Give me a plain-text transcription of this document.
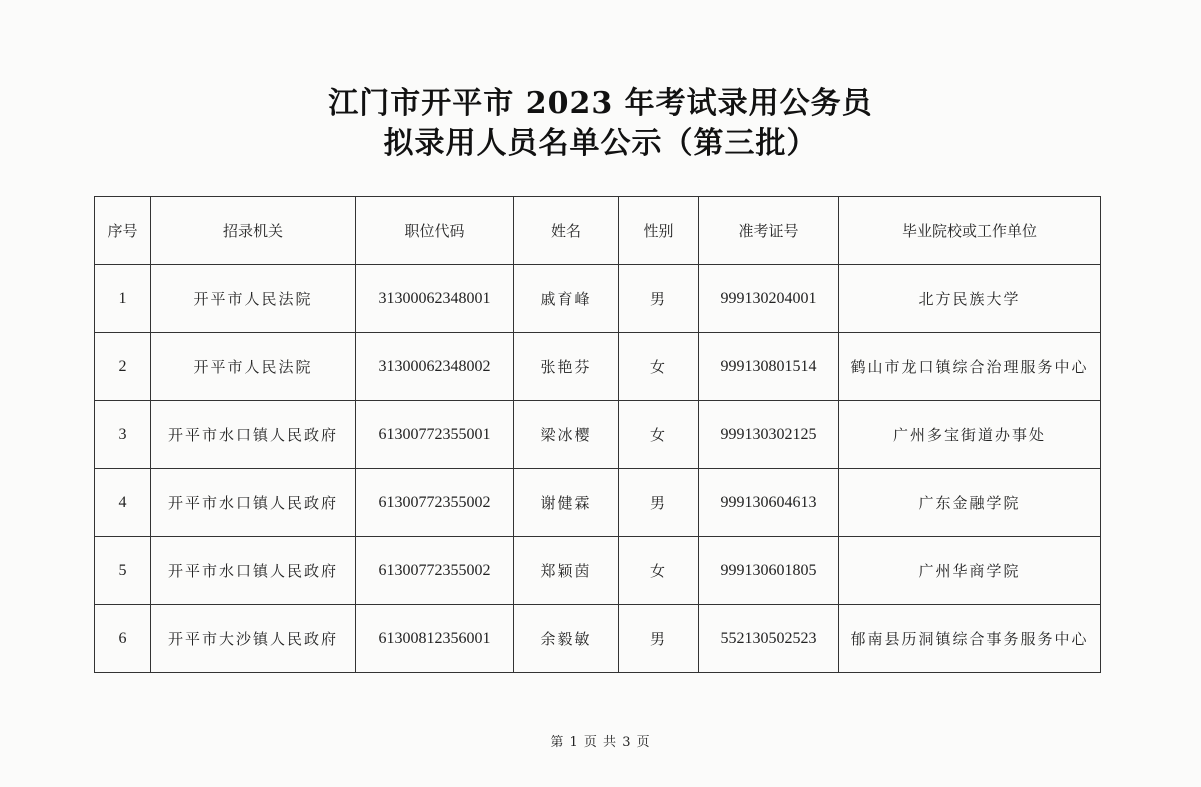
江门市开平市 2023 年考试录用公务员
拟录用人员名单公示（第三批）
序号	招录机关	职位代码	姓名	性别	准考证号	毕业院校或工作单位
1	开平市人民法院	31300062348001	戚育峰	男	999130204001	北方民族大学
2	开平市人民法院	31300062348002	张艳芬	女	999130801514	鹤山市龙口镇综合治理服务中心
3	开平市水口镇人民政府	61300772355001	梁冰樱	女	999130302125	广州多宝街道办事处
4	开平市水口镇人民政府	61300772355002	谢健霖	男	999130604613	广东金融学院
5	开平市水口镇人民政府	61300772355002	郑颖茵	女	999130601805	广州华商学院
6	开平市大沙镇人民政府	61300812356001	余毅敏	男	552130502523	郁南县历洞镇综合事务服务中心
第 1 页 共 3 页
